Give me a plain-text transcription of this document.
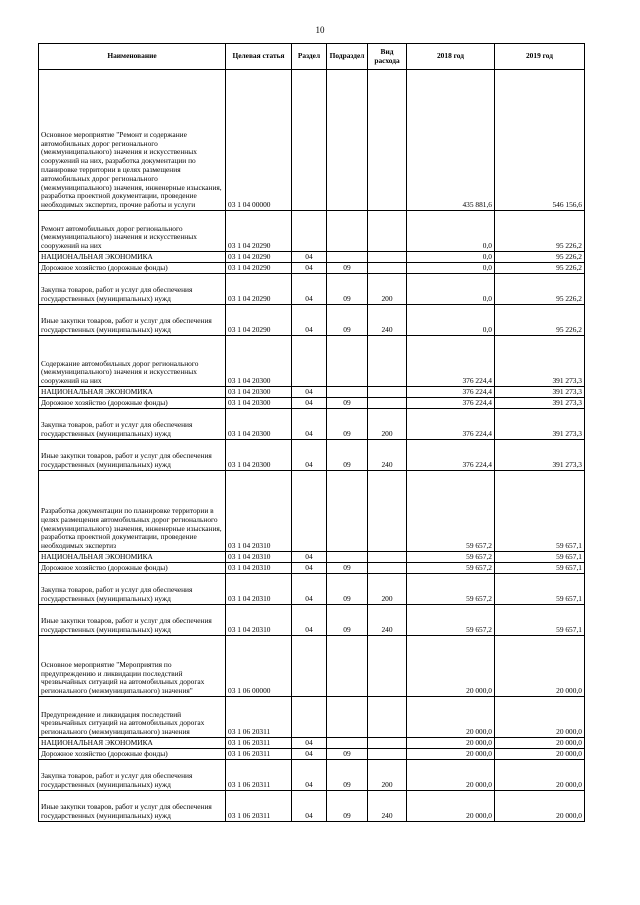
10
Наименование	Целевая статья	Раздел	Подраздел	Вид расхода	2018 год	2019 год
Основное мероприятие "Ремонт и содержание автомобильных дорог регионального (межмуниципального) значения и искусственных сооружений на них, разработка документации по планировке территории в целях размещения автомобильных дорог регионального (межмуниципального) значения, инженерные изыскания, разработка проектной документации, проведение необходимых экспертиз, прочие работы и услуги	03 1 04 00000				435 881,6	546 156,6
Ремонт автомобильных дорог регионального (межмуниципального) значения и искусственных сооружений на них	03 1 04 20290				0,0	95 226,2
НАЦИОНАЛЬНАЯ ЭКОНОМИКА	03 1 04 20290	04			0,0	95 226,2
Дорожное хозяйство (дорожные фонды)	03 1 04 20290	04	09		0,0	95 226,2
Закупка товаров, работ и услуг для обеспечения государственных (муниципальных) нужд	03 1 04 20290	04	09	200	0,0	95 226,2
Иные закупки товаров, работ и услуг для обеспечения государственных (муниципальных) нужд	03 1 04 20290	04	09	240	0,0	95 226,2
Содержание автомобильных дорог регионального (межмуниципального) значения и искусственных сооружений на них	03 1 04 20300				376 224,4	391 273,3
НАЦИОНАЛЬНАЯ ЭКОНОМИКА	03 1 04 20300	04			376 224,4	391 273,3
Дорожное хозяйство (дорожные фонды)	03 1 04 20300	04	09		376 224,4	391 273,3
Закупка товаров, работ и услуг для обеспечения государственных (муниципальных) нужд	03 1 04 20300	04	09	200	376 224,4	391 273,3
Иные закупки товаров, работ и услуг для обеспечения государственных (муниципальных) нужд	03 1 04 20300	04	09	240	376 224,4	391 273,3
Разработка документации по планировке территории в целях размещения автомобильных дорог регионального (межмуниципального) значения, инженерные изыскания, разработка проектной документации, проведение необходимых экспертиз	03 1 04 20310				59 657,2	59 657,1
НАЦИОНАЛЬНАЯ ЭКОНОМИКА	03 1 04 20310	04			59 657,2	59 657,1
Дорожное хозяйство (дорожные фонды)	03 1 04 20310	04	09		59 657,2	59 657,1
Закупка товаров, работ и услуг для обеспечения государственных (муниципальных) нужд	03 1 04 20310	04	09	200	59 657,2	59 657,1
Иные закупки товаров, работ и услуг для обеспечения государственных (муниципальных) нужд	03 1 04 20310	04	09	240	59 657,2	59 657,1
Основное мероприятие "Мероприятия по предупреждению и ликвидации последствий чрезвычайных ситуаций на автомобильных дорогах регионального (межмуниципального) значения"	03 1 06 00000				20 000,0	20 000,0
Предупреждение и ликвидация последствий чрезвычайных ситуаций на автомобильных дорогах регионального (межмуниципального) значения	03 1 06 20311				20 000,0	20 000,0
НАЦИОНАЛЬНАЯ ЭКОНОМИКА	03 1 06 20311	04			20 000,0	20 000,0
Дорожное хозяйство (дорожные фонды)	03 1 06 20311	04	09		20 000,0	20 000,0
Закупка товаров, работ и услуг для обеспечения государственных (муниципальных) нужд	03 1 06 20311	04	09	200	20 000,0	20 000,0
Иные закупки товаров, работ и услуг для обеспечения государственных (муниципальных) нужд	03 1 06 20311	04	09	240	20 000,0	20 000,0
